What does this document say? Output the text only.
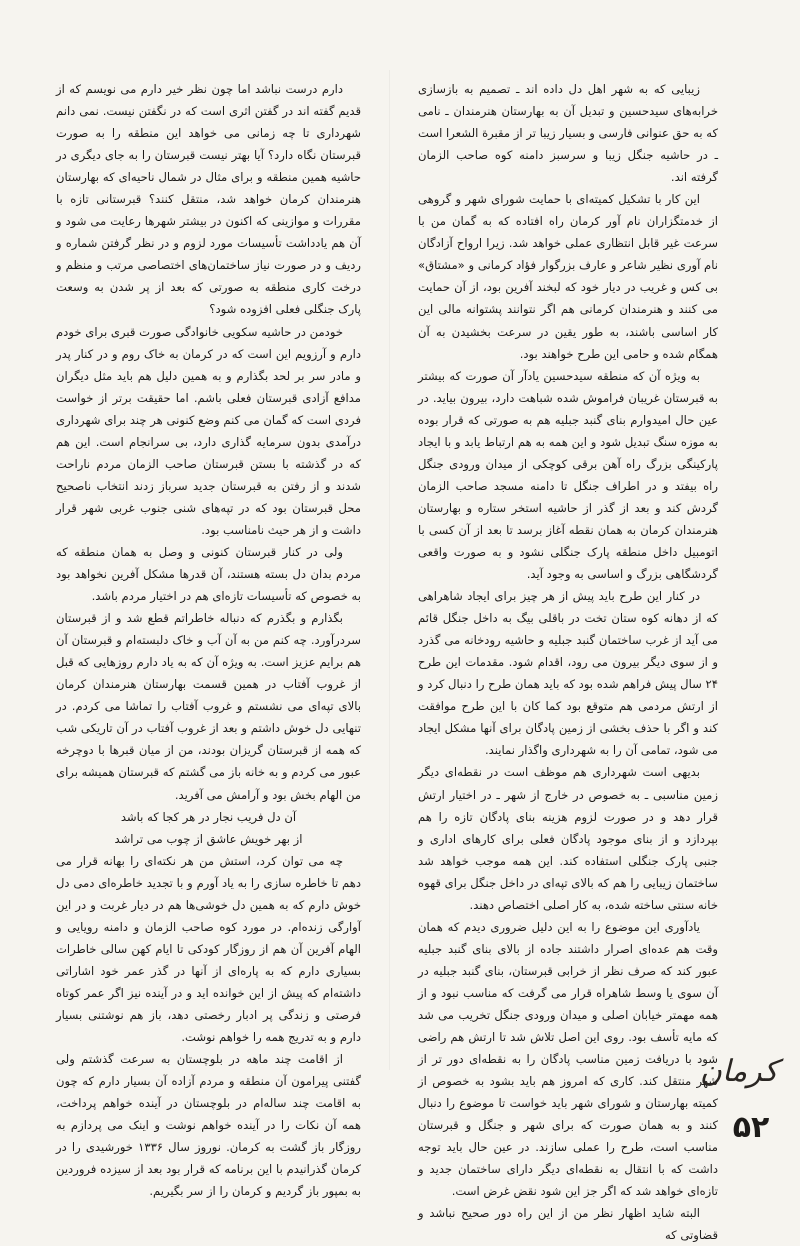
زیبایی که به شهر اهل دل داده اند ـ تصمیم به بازسازی خرابه‌های سیدحسین و تبدیل آن به بهارستان هنرمندان ـ نامی که به حق عنوانی فارسی و بسیار زیبا تر از مقبرة الشعرا است ـ در حاشیه جنگل زیبا و سرسبز دامنه کوه صاحب الزمان گرفته اند.

این کار با تشکیل کمیته‌ای با حمایت شورای شهر و گروهی از خدمتگزاران نام آور کرمان راه افتاده که به گمان من با سرعت غیر قابل انتظاری عملی خواهد شد. زیرا ارواح آزادگان نام آوری نظیر شاعر و عارف بزرگوار فؤاد کرمانی و «مشتاق» بی کس و غریب در دیار خود که لبخند آفرین بود، از آن حمایت می کنند و هنرمندان کرمانی هم اگر نتوانند پشتوانه مالی این کار اساسی باشند، به طور یقین در سرعت بخشیدن به آن همگام شده و حامی این طرح خواهند بود.

به ویژه آن که منطقه سیدحسین یادآر آن صورت که بیشتر به قبرستان غریبان فراموش شده شباهت دارد، بیرون بیاید. در عین حال امیدوارم بنای گنبد جبلیه هم به صورتی که قرار بوده به موزه سنگ تبدیل شود و این همه به هم ارتباط یابد و با ایجاد پارکینگی بزرگ راه آهن برقی کوچکی از میدان ورودی جنگل راه بیفتد و در اطراف جنگل تا دامنه مسجد صاحب الزمان گردش کند و بعد از گذر از حاشیه استخر ستاره و بهارستان هنرمندان کرمان به همان نقطه آغاز برسد تا بعد از آن کسی با اتومبیل داخل منطقه پارک جنگلی نشود و به صورت واقعی گردشگاهی بزرگ و اساسی به وجود آید.

در کنار این طرح باید پیش از هر چیز برای ایجاد شاهراهی که از دهانه کوه ستان تخت در باقلی بیگ به داخل جنگل قائم می آید از غرب ساختمان گنبد جبلیه و حاشیه رودخانه می گذرد و از سوی دیگر بیرون می رود، اقدام شود. مقدمات این طرح ۲۴ سال پیش فراهم شده بود که باید همان طرح را دنبال کرد و از ارتش مردمی هم متوقع بود کما کان با این طرح موافقت کند و اگر با حذف بخشی از زمین پادگان برای آنها مشکل ایجاد می شود، تمامی آن را به شهرداری واگذار نمایند.

بدیهی است شهرداری هم موظف است در نقطه‌ای دیگر زمین مناسبی ـ به خصوص در خارج از شهر ـ در اختیار ارتش قرار دهد و در صورت لزوم هزینه بنای پادگان تازه را هم بپردازد و از بنای موجود پادگان فعلی برای کارهای اداری و جنبی پارک جنگلی استفاده کند. این همه موجب خواهد شد ساختمان زیبایی را هم که بالای تپه‌ای در داخل جنگل برای قهوه خانه سنتی ساخته شده، به کار اصلی اختصاص دهند.

یادآوری این موضوع را به این دلیل ضروری دیدم که همان وقت هم عده‌ای اصرار داشتند جاده از بالای بنای گنبد جبلیه عبور کند که صرف نظر از خرابی قبرستان، بنای گنبد جبلیه در آن سوی یا وسط شاهراه قرار می گرفت که مناسب نبود و از همه مهمتر خیابان اصلی و میدان ورودی جنگل تخریب می شد که مایه تأسف بود. روی این اصل تلاش شد تا ارتش هم راضی شود با دریافت زمین مناسب پادگان را به نقطه‌ای دور تر از شهر منتقل کند. کاری که امروز هم باید بشود به خصوص از کمیته بهارستان و شورای شهر باید خواست تا موضوع را دنبال کنند و به همان صورت که برای شهر و جنگل و قبرستان مناسب است، طرح را عملی سازند. در عین حال باید توجه داشت که با انتقال به نقطه‌ای دیگر دارای ساختمان جدید و تازه‌ای خواهد شد که اگر جز این شود نقض غرض است.

البته شاید اظهار نظر من از این راه دور صحیح نباشد و قضاوتی که

دارم درست نباشد اما چون نظر خیر دارم می نویسم که از قدیم گفته اند در گفتن اثری است که در نگفتن نیست. نمی دانم شهرداری تا چه زمانی می خواهد این منطقه را به صورت قبرستان نگاه دارد؟ آیا بهتر نیست قبرستان را به جای دیگری در حاشیه همین منطقه و برای مثال در شمال ناحیه‌ای که بهارستان هنرمندان کرمان خواهد شد، منتقل کنند؟ قبرستانی تازه با مقررات و موازینی که اکنون در بیشتر شهرها رعایت می شود و آن هم یادداشت تأسیسات مورد لزوم و در نظر گرفتن شماره و ردیف و در صورت نیاز ساختمان‌های اختصاصی مرتب و منظم و درخت کاری منطقه به صورتی که بعد از پر شدن به وسعت پارک جنگلی فعلی افزوده شود؟

خودمن در حاشیه سکویی خانوادگی صورت قبری برای خودم دارم و آرزویم این است که در کرمان به خاک روم و در کنار پدر و مادر سر بر لحد بگذارم و به همین دلیل هم باید مثل دیگران مدافع آزادی قبرستان فعلی باشم. اما حقیقت برتر از خواست فردی است که گمان می کنم وضع کنونی هر چند برای شهرداری درآمدی بدون سرمایه گذاری دارد، بی سرانجام است. این هم که در گذشته با بستن قبرستان صاحب الزمان مردم ناراحت شدند و از رفتن به قبرستان جدید سرباز زدند انتخاب ناصحیح محل قبرستان بود که در تپه‌های شنی جنوب غربی شهر قرار داشت و از هر حیث نامناسب بود.

ولی در کنار قبرستان کنونی و وصل به همان منطقه که مردم بدان دل بسته هستند، آن قدرها مشکل آفرین نخواهد بود به خصوص که تأسیسات تازه‌ای هم در اختیار مردم باشد.

بگذارم و بگذرم که دنباله خاطراتم قطع شد و از قبرستان سردرآورد. چه کنم من به آن آب و خاک دلبسته‌ام و قبرستان آن هم برایم عزیز است. به ویژه آن که به یاد دارم روزهایی که قبل از غروب آفتاب در همین قسمت بهارستان هنرمندان کرمان بالای تپه‌ای می نشستم و غروب آفتاب را تماشا می کردم. در تنهایی دل خوش داشتم و بعد از غروب آفتاب در آن تاریکی شب که همه از قبرستان گریزان بودند، من از میان قبرها با دوچرخه عبور می کردم و به خانه باز می گشتم که قبرستان همیشه برای من الهام بخش بود و آرامش می آفرید.

آن دل فریب نجار در هر کجا که باشد

از بهر خویش عاشق از چوب می تراشد

چه می توان کرد، استش من هر نکته‌ای را بهانه قرار می دهم تا خاطره سازی را به یاد آورم و با تجدید خاطره‌ای دمی دل خوش دارم که به همین دل خوشی‌ها هم در دیار غربت و در این آوارگی زنده‌ام. در مورد کوه صاحب الزمان و دامنه رویایی و الهام آفرین آن هم از روزگار کودکی تا ایام کهن سالی خاطرات بسیاری دارم که به پاره‌ای از آنها در گذر عمر خود اشاراتی داشته‌ام که پیش از این خوانده اید و در آینده نیز اگر عمر کوتاه فرصتی و زندگی پر ادبار رخصتی دهد، باز هم نوشتنی بسیار دارم و به تدریج همه را خواهم نوشت.

از اقامت چند ماهه در بلوچستان به سرعت گذشتم ولی گفتنی پیرامون آن منطقه و مردم آزاده آن بسیار دارم که چون به اقامت چند ساله‌ام در بلوچستان در آینده خواهم پرداخت، همه آن نکات را در آینده خواهم نوشت و اینک می پردازم به روزگار باز گشت به کرمان. نوروز سال ۱۳۳۶ خورشیدی را در کرمان گذرانیدم با این برنامه که قرار بود بعد از سیزده فروردین به بمپور باز گردیم و کرمان را از سر بگیریم.

کرمان
۵۲
